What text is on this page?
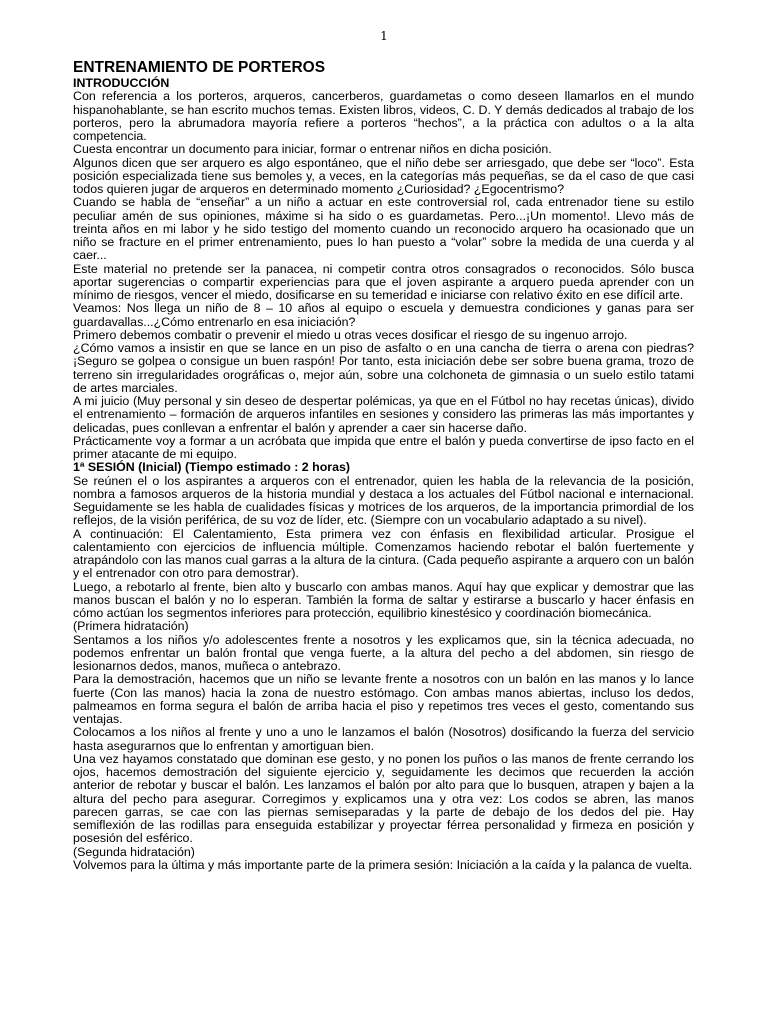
1
ENTRENAMIENTO DE PORTEROS
INTRODUCCIÓN

Con referencia a los porteros, arqueros, cancerberos, guardametas o como deseen llamarlos en el mundo hispanohablante, se han escrito muchos temas. Existen libros, videos, C. D. Y demás dedicados al trabajo de los porteros, pero la abrumadora mayoría refiere a porteros “hechos”, a la práctica con adultos o a la alta competencia.

Cuesta encontrar un documento para iniciar, formar o entrenar niños en dicha posición.

Algunos dicen que ser arquero es algo espontáneo, que el niño debe ser arriesgado, que debe ser “loco”. Esta posición especializada tiene sus bemoles y, a veces, en la categorías más pequeñas, se da el caso de que casi todos quieren jugar de arqueros en determinado momento ¿Curiosidad? ¿Egocentrismo?

Cuando se habla de “enseñar” a un niño a actuar en este controversial rol, cada entrenador tiene su estilo peculiar amén de sus opiniones, máxime si ha sido o es guardametas. Pero...¡Un momento!. Llevo más de treinta años en mi labor y he sido testigo del momento cuando un reconocido arquero ha ocasionado que un niño se fracture en el primer entrenamiento, pues lo han puesto a “volar” sobre la medida de una cuerda y al caer...

Este material no pretende ser la panacea, ni competir contra otros consagrados o reconocidos. Sólo busca aportar sugerencias o compartir experiencias para que el joven aspirante a arquero pueda aprender con un mínimo de riesgos, vencer el miedo, dosificarse en su temeridad e iniciarse con relativo éxito en ese difícil arte.

Veamos: Nos llega un niño de 8 – 10 años al equipo o escuela y demuestra condiciones y ganas para ser guardavallas...¿Cómo entrenarlo en esa iniciación?

Primero debemos combatir o prevenir el miedo u otras veces dosificar el riesgo de su ingenuo arrojo.

¿Cómo vamos a insistir en que se lance en un piso de asfalto o en una cancha de tierra o arena con piedras? ¡Seguro se golpea o consigue un buen raspón! Por tanto, esta iniciación debe ser sobre buena grama, trozo de terreno sin irregularidades orográficas o, mejor aún, sobre una colchoneta de gimnasia o un suelo estilo tatami de artes marciales.

A mi juicio (Muy personal y sin deseo de despertar polémicas, ya que en el Fútbol no hay recetas únicas), divido el entrenamiento – formación de arqueros infantiles en sesiones y considero las primeras las más importantes y delicadas, pues conllevan a enfrentar el balón y aprender a caer sin hacerse daño.

Prácticamente voy a formar a un acróbata que impida que entre el balón y pueda convertirse de ipso facto en el primer atacante de mi equipo.

1ª SESIÓN (Inicial) (Tiempo estimado : 2 horas)

Se reúnen el o los aspirantes a arqueros con el entrenador, quien les habla de la relevancia de la posición, nombra a famosos arqueros de la historia mundial y destaca a los actuales del Fútbol nacional e internacional. Seguidamente se les habla de cualidades físicas y motrices de los arqueros, de la importancia primordial de los reflejos, de la visión periférica, de su voz de líder, etc. (Siempre con un vocabulario adaptado a su nivel).

A continuación: El Calentamiento, Esta primera vez con énfasis en flexibilidad articular. Prosigue el calentamiento con ejercicios de influencia múltiple. Comenzamos haciendo rebotar el balón fuertemente y atrapándolo con las manos cual garras a la altura de la cintura. (Cada pequeño aspirante a arquero con un balón y el entrenador con otro para demostrar).

Luego, a rebotarlo al frente, bien alto y buscarlo con ambas manos. Aquí hay que explicar y demostrar que las manos buscan el balón y no lo esperan. También la forma de saltar y estirarse a buscarlo y hacer énfasis en cómo actúan los segmentos inferiores para protección, equilibrio kinestésico y coordinación biomecánica.

(Primera hidratación)

Sentamos a los niños y/o adolescentes frente a nosotros y les explicamos que, sin la técnica adecuada, no podemos enfrentar un balón frontal que venga fuerte, a la altura del pecho a del abdomen, sin riesgo de lesionarnos dedos, manos, muñeca o antebrazo.

Para la demostración, hacemos que un niño se levante frente a nosotros con un balón en las manos y lo lance fuerte (Con las manos) hacia la zona de nuestro estómago. Con ambas manos abiertas, incluso los dedos, palmeamos en forma segura el balón de arriba hacia el piso y repetimos tres veces el gesto, comentando sus ventajas.

Colocamos a los niños al frente y uno a uno le lanzamos el balón (Nosotros) dosificando la fuerza del servicio hasta asegurarnos que lo enfrentan y amortiguan bien.

Una vez hayamos constatado que dominan ese gesto, y no ponen los puños o las manos de frente cerrando los ojos, hacemos demostración del siguiente ejercicio y, seguidamente les decimos que recuerden la acción anterior de rebotar y buscar el balón. Les lanzamos el balón por alto para que lo busquen, atrapen y bajen a la altura del pecho para asegurar. Corregimos y explicamos una y otra vez: Los codos se abren, las manos parecen garras, se cae con las piernas semiseparadas y la parte de debajo de los dedos del pie. Hay semiflexión de las rodillas para enseguida estabilizar y proyectar férrea personalidad y firmeza en posición y posesión del esférico.

(Segunda hidratación)

Volvemos para la última y más importante parte de la primera sesión: Iniciación a la caída y la palanca de vuelta.
